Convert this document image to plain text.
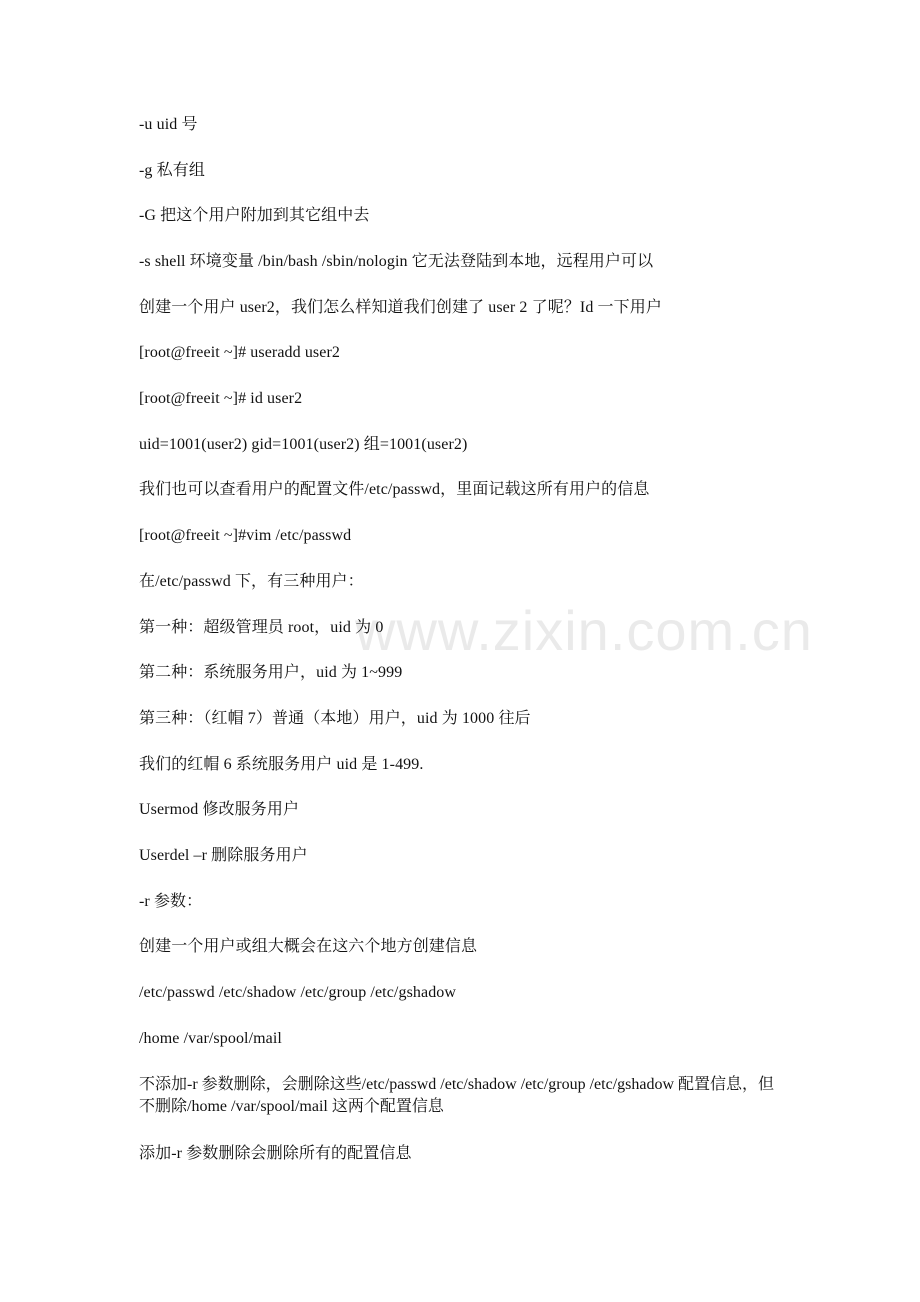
www.zixin.com.cn
-u uid 号
-g 私有组
-G 把这个用户附加到其它组中去
-s shell 环境变量 /bin/bash /sbin/nologin 它无法登陆到本地，远程用户可以
创建一个用户 user2，我们怎么样知道我们创建了 user 2 了呢？Id 一下用户
[root@freeit ~]# useradd user2
[root@freeit ~]# id user2
uid=1001(user2) gid=1001(user2) 组=1001(user2)
我们也可以查看用户的配置文件/etc/passwd，里面记载这所有用户的信息
[root@freeit ~]#vim /etc/passwd
在/etc/passwd 下，有三种用户：
第一种：超级管理员 root，uid 为 0
第二种：系统服务用户，uid 为 1~999
第三种：（红帽 7）普通（本地）用户，uid 为 1000 往后
我们的红帽 6 系统服务用户 uid 是 1-499.
Usermod 修改服务用户
Userdel –r 删除服务用户
-r 参数：
创建一个用户或组大概会在这六个地方创建信息
/etc/passwd /etc/shadow /etc/group /etc/gshadow
/home /var/spool/mail
不添加-r 参数删除，会删除这些/etc/passwd /etc/shadow /etc/group /etc/gshadow 配置信息，但不删除/home /var/spool/mail 这两个配置信息
添加-r 参数删除会删除所有的配置信息
